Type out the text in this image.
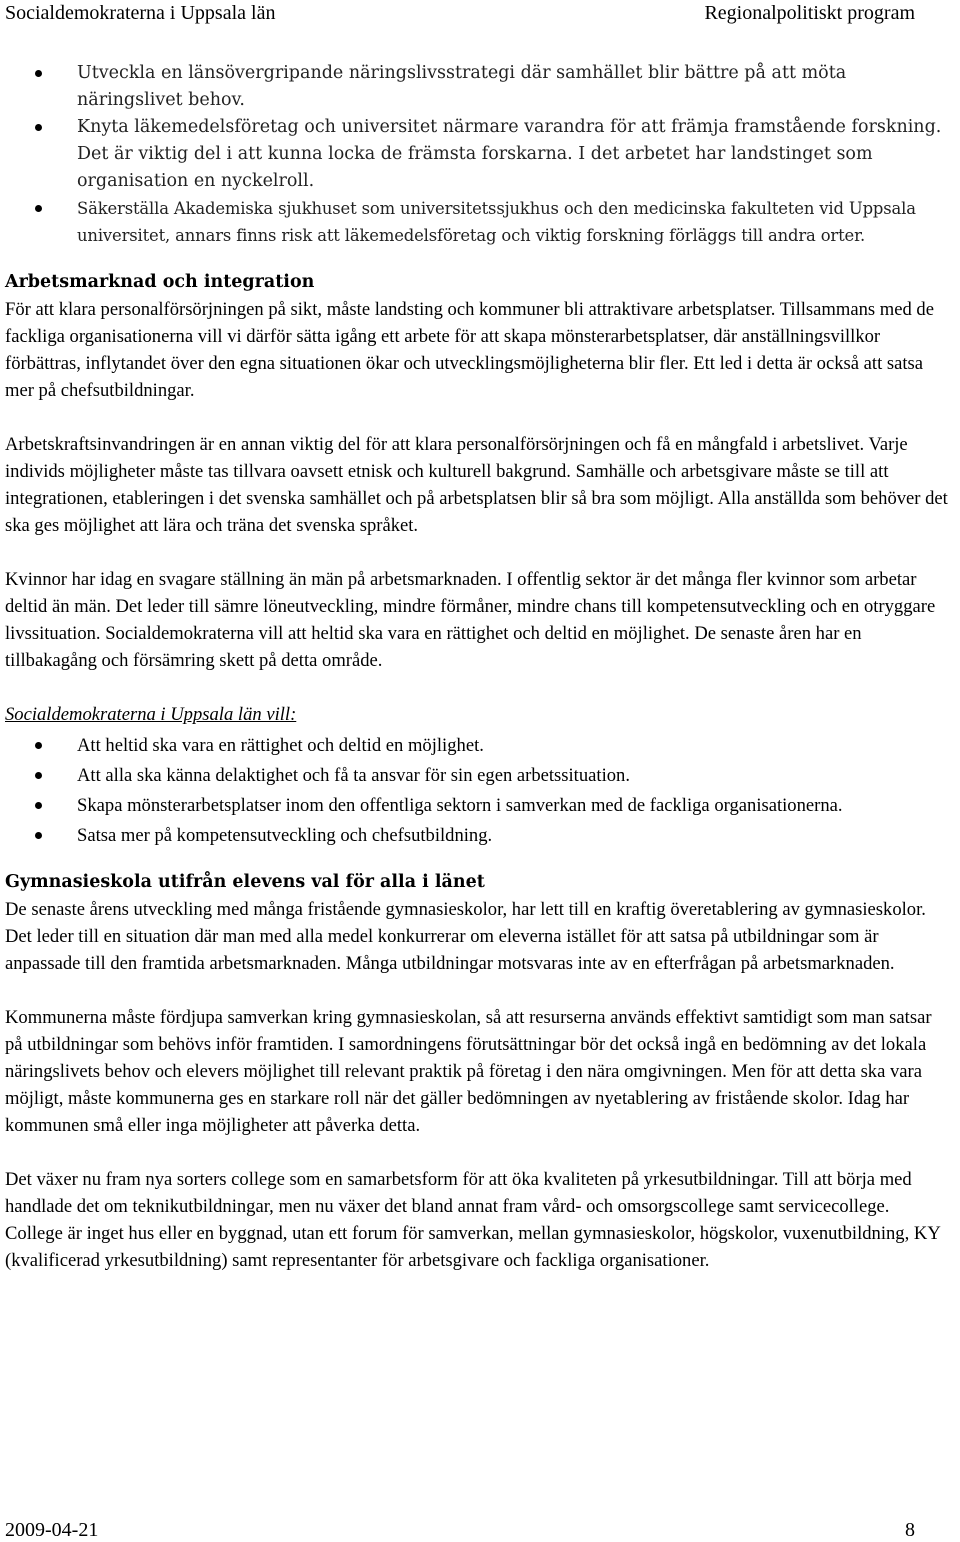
Socialdemokraterna i Uppsala län	Regionalpolitiskt program
Utveckla en länsövergripande näringslivsstrategi där samhället blir bättre på att möta näringslivet behov.
Knyta läkemedelsföretag och universitet närmare varandra för att främja framstående forskning. Det är viktig del i att kunna locka de främsta forskarna. I det arbetet har landstinget som organisation en nyckelroll.
Säkerställa Akademiska sjukhuset som universitetssjukhus och den medicinska fakulteten vid Uppsala universitet, annars finns risk att läkemedelsföretag och viktig forskning förläggs till andra orter.
Arbetsmarknad och integration

För att klara personalförsörjningen på sikt, måste landsting och kommuner bli attraktivare arbetsplatser. Tillsammans med de fackliga organisationerna vill vi därför sätta igång ett arbete för att skapa mönsterarbetsplatser, där anställningsvillkor förbättras, inflytandet över den egna situationen ökar och utvecklingsmöjligheterna blir fler. Ett led i detta är också att satsa mer på chefsutbildningar.

Arbetskraftsinvandringen är en annan viktig del för att klara personalförsörjningen och få en mångfald i arbetslivet. Varje individs möjligheter måste tas tillvara oavsett etnisk och kulturell bakgrund. Samhälle och arbetsgivare måste se till att integrationen, etableringen i det svenska samhället och på arbetsplatsen blir så bra som möjligt. Alla anställda som behöver det ska ges möjlighet att lära och träna det svenska språket.

Kvinnor har idag en svagare ställning än män på arbetsmarknaden. I offentlig sektor är det många fler kvinnor som arbetar deltid än män. Det leder till sämre löneutveckling, mindre förmåner, mindre chans till kompetensutveckling och en otryggare livssituation. Socialdemokraterna vill att heltid ska vara en rättighet och deltid en möjlighet. De senaste åren har en tillbakagång och försämring skett på detta område.

Socialdemokraterna i Uppsala län vill:

Att heltid ska vara en rättighet och deltid en möjlighet.
Att alla ska känna delaktighet och få ta ansvar för sin egen arbetssituation.
Skapa mönsterarbetsplatser inom den offentliga sektorn i samverkan med de fackliga organisationerna.
Satsa mer på kompetensutveckling och chefsutbildning.
Gymnasieskola utifrån elevens val för alla i länet

De senaste årens utveckling med många fristående gymnasieskolor, har lett till en kraftig överetablering av gymnasieskolor. Det leder till en situation där man med alla medel konkurrerar om eleverna istället för att satsa på utbildningar som är anpassade till den framtida arbetsmarknaden. Många utbildningar motsvaras inte av en efterfrågan på arbetsmarknaden.

Kommunerna måste fördjupa samverkan kring gymnasieskolan, så att resurserna används effektivt samtidigt som man satsar på utbildningar som behövs inför framtiden. I samordningens förutsättningar bör det också ingå en bedömning av det lokala näringslivets behov och elevers möjlighet till relevant praktik på företag i den nära omgivningen. Men för att detta ska vara möjligt, måste kommunerna ges en starkare roll när det gäller bedömningen av nyetablering av fristående skolor. Idag har kommunen små eller inga möjligheter att påverka detta.

Det växer nu fram nya sorters college som en samarbetsform för att öka kvaliteten på yrkesutbildningar. Till att börja med handlade det om teknikutbildningar, men nu växer det bland annat fram vård- och omsorgscollege samt servicecollege. College är inget hus eller en byggnad, utan ett forum för samverkan, mellan gymnasieskolor, högskolor, vuxenutbildning, KY (kvalificerad yrkesutbildning) samt representanter för arbetsgivare och fackliga organisationer.

2009-04-21	8
